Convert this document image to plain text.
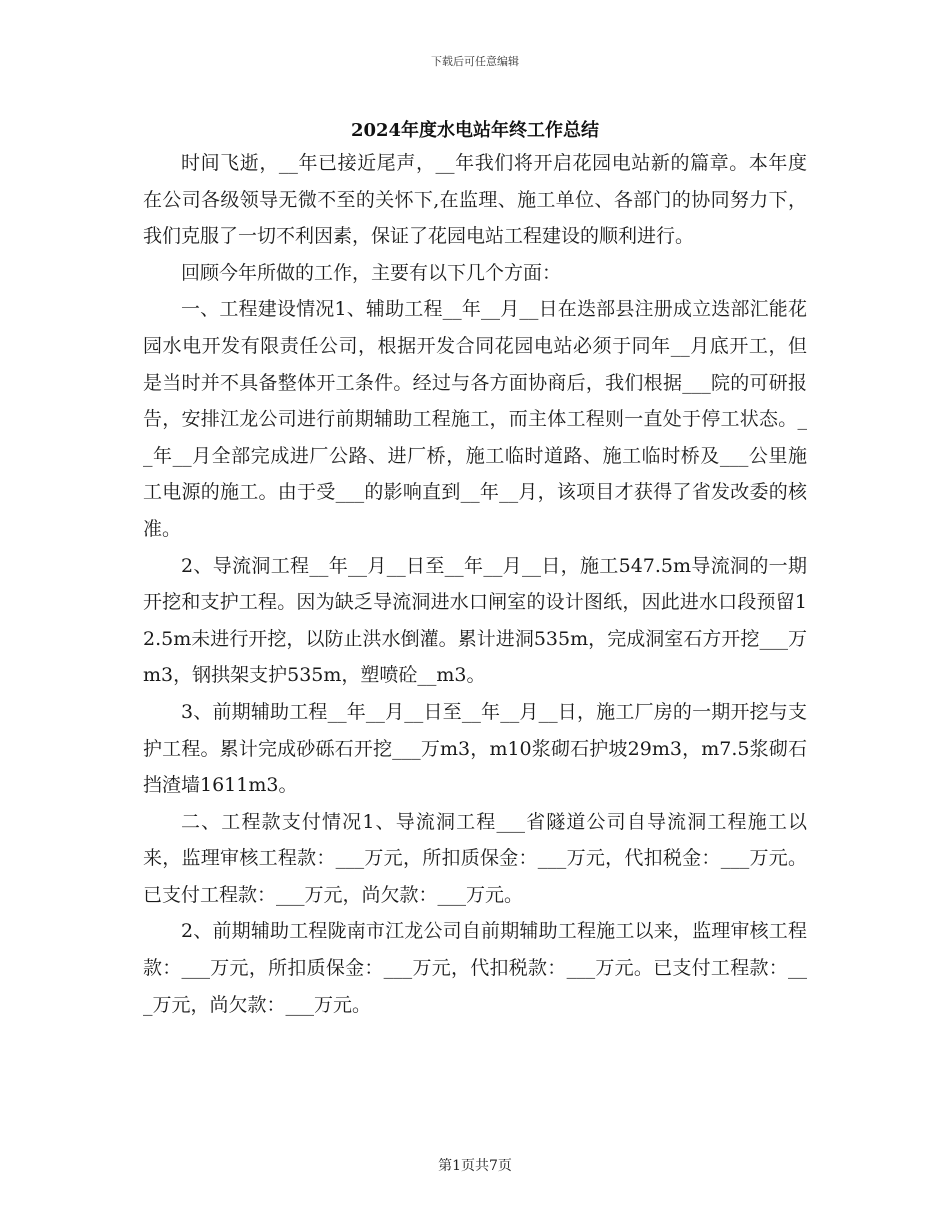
下载后可任意编辑
2024年度水电站年终工作总结

时间飞逝，__年已接近尾声，__年我们将开启花园电站新的篇章。本年度在公司各级领导无微不至的关怀下,在监理、施工单位、各部门的协同努力下，我们克服了一切不利因素，保证了花园电站工程建设的顺利进行。

回顾今年所做的工作，主要有以下几个方面：

一、工程建设情况1、辅助工程__年__月__日在迭部县注册成立迭部汇能花园水电开发有限责任公司，根据开发合同花园电站必须于同年__月底开工，但是当时并不具备整体开工条件。经过与各方面协商后，我们根据___院的可研报告，安排江龙公司进行前期辅助工程施工，而主体工程则一直处于停工状态。__年__月全部完成进厂公路、进厂桥，施工临时道路、施工临时桥及___公里施工电源的施工。由于受___的影响直到__年__月，该项目才获得了省发改委的核准。

2、导流洞工程__年__月__日至__年__月__日，施工547.5m导流洞的一期开挖和支护工程。因为缺乏导流洞进水口闸室的设计图纸，因此进水口段预留12.5m未进行开挖，以防止洪水倒灌。累计进洞535m，完成洞室石方开挖___万m3，钢拱架支护535m，塑喷砼__m3。

3、前期辅助工程__年__月__日至__年__月__日，施工厂房的一期开挖与支护工程。累计完成砂砾石开挖___万m3，m10浆砌石护坡29m3，m7.5浆砌石挡渣墙1611m3。

二、工程款支付情况1、导流洞工程___省隧道公司自导流洞工程施工以来，监理审核工程款：___万元，所扣质保金：___万元，代扣税金：___万元。已支付工程款：___万元，尚欠款：___万元。

2、前期辅助工程陇南市江龙公司自前期辅助工程施工以来，监理审核工程款：___万元，所扣质保金：___万元，代扣税款：___万元。已支付工程款：___万元，尚欠款：___万元。

第1页共7页
